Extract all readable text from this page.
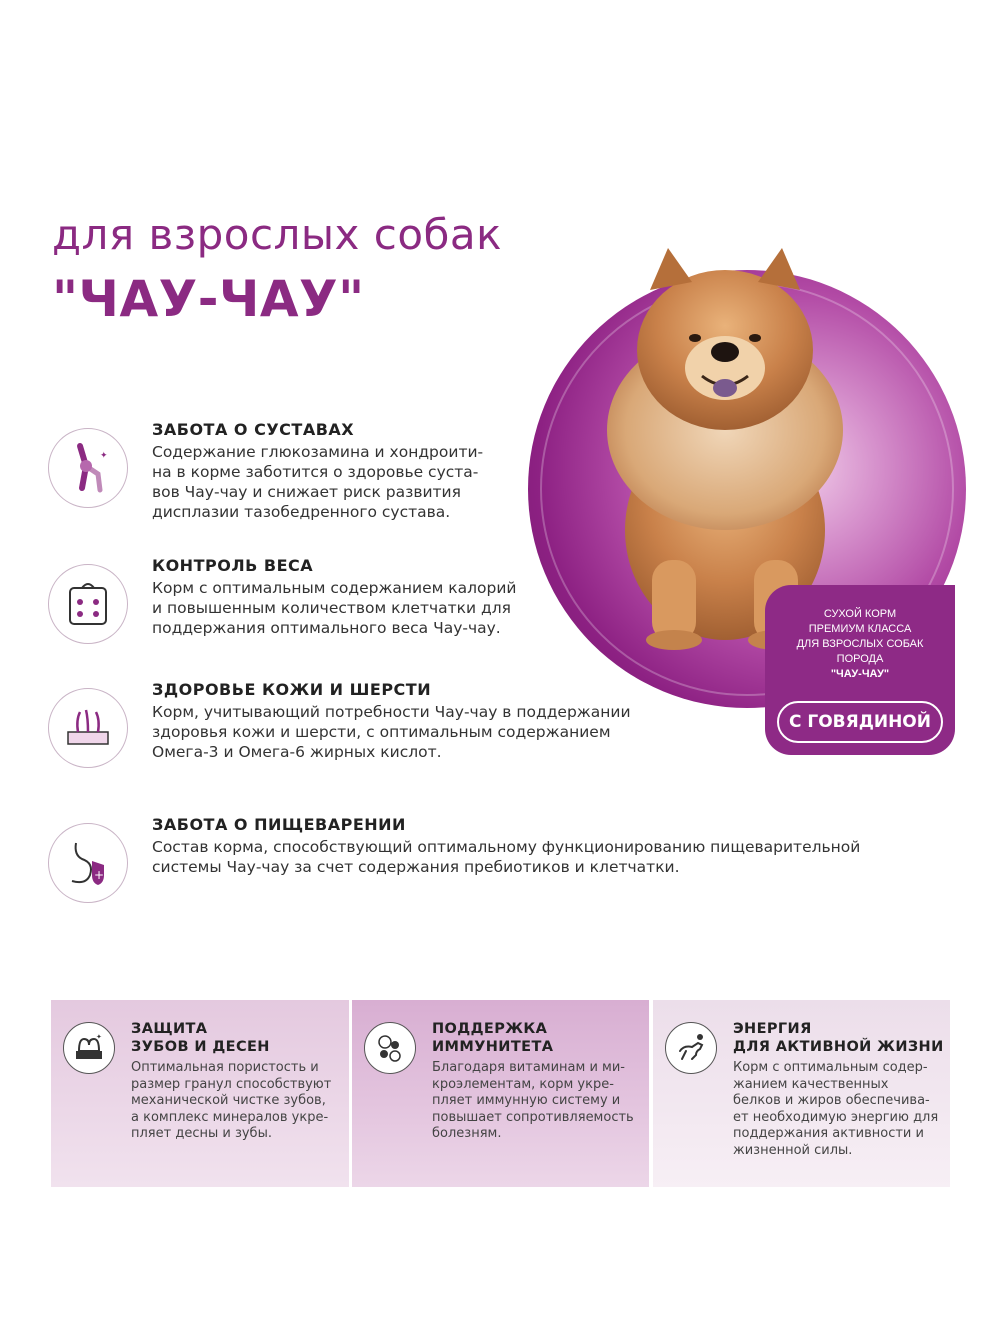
для взрослых собак
"ЧАУ-ЧАУ"
СУХОЙ КОРМ
ПРЕМИУМ КЛАССА
ДЛЯ ВЗРОСЛЫХ СОБАК
ПОРОДА
"ЧАУ-ЧАУ"
С ГОВЯДИНОЙ
✦
ЗАБОТА О СУСТАВАХ
Содержание глюкозамина и хондроити-
на в корме заботится о здоровье суста-
вов Чау-чау и снижает риск развития
дисплазии тазобедренного сустава.
КОНТРОЛЬ ВЕСА
Корм с оптимальным содержанием калорий
и повышенным количеством клетчатки для
поддержания оптимального веса Чау-чау.
ЗДОРОВЬЕ КОЖИ И ШЕРСТИ
Корм, учитывающий потребности Чау-чау в поддержании
здоровья кожи и шерсти, с оптимальным содержанием
Омега-3 и Омега-6 жирных кислот.
+
ЗАБОТА О ПИЩЕВАРЕНИИ
Состав корма, способствующий оптимальному функционированию пищеварительной
системы Чау-чау за счет содержания пребиотиков и клетчатки.
✦ ЗАЩИТА
ЗУБОВ И ДЕСЕН
Оптимальная пористость и
размер гранул способствуют
механической чистке зубов,
а комплекс минералов укре-
пляет десны и зубы.
ПОДДЕРЖКА
ИММУНИТЕТА
Благодаря витаминам и ми-
кроэлементам, корм укре-
пляет иммунную систему и
повышает сопротивляемость
болезням.
ЭНЕРГИЯ
ДЛЯ АКТИВНОЙ ЖИЗНИ
Корм с оптимальным содер-
жанием качественных
белков и жиров обеспечива-
ет необходимую энергию для
поддержания активности и
жизненной силы.
